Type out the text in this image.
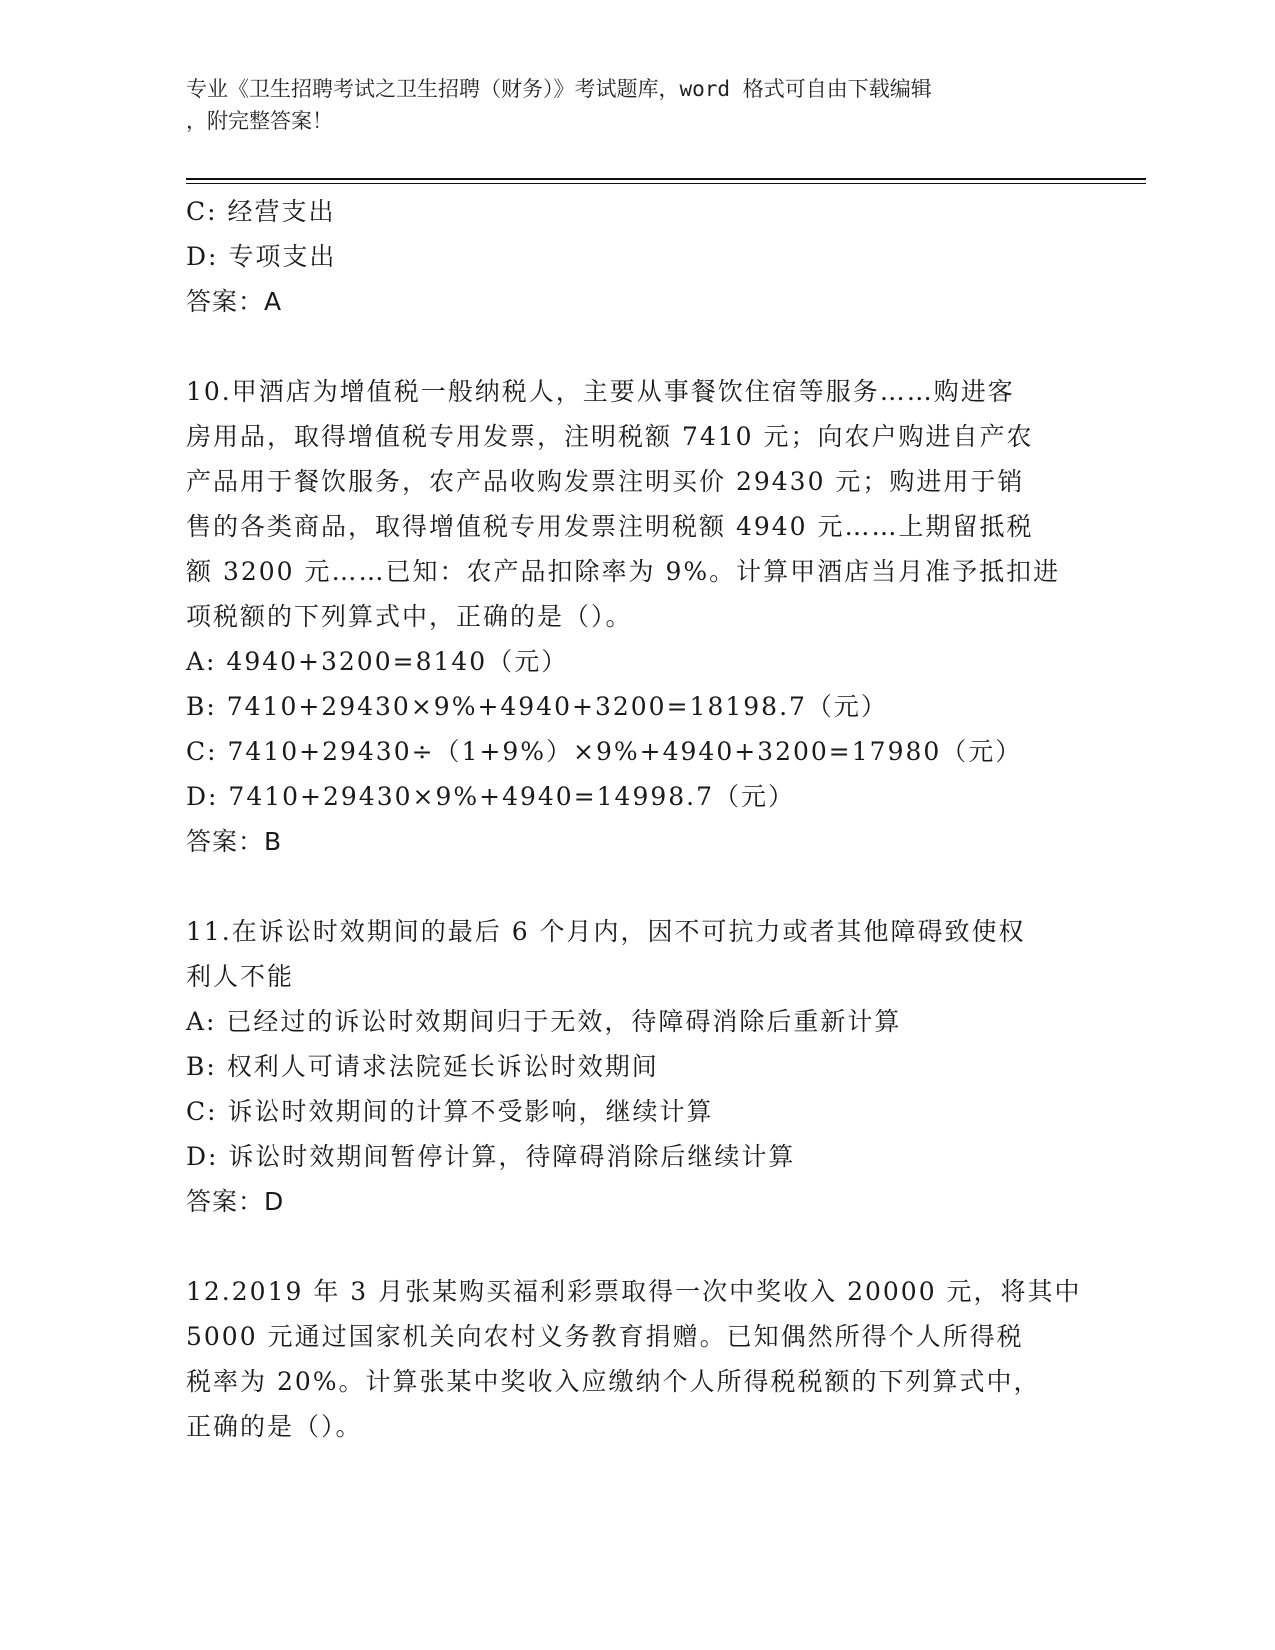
专业《卫生招聘考试之卫生招聘（财务）》考试题库，word 格式可自由下载编辑
，附完整答案！
C: 经营支出
D: 专项支出
答案：A
10.甲酒店为增值税一般纳税人，主要从事餐饮住宿等服务……购进客
房用品，取得增值税专用发票，注明税额 7410 元；向农户购进自产农
产品用于餐饮服务，农产品收购发票注明买价 29430 元；购进用于销
售的各类商品，取得增值税专用发票注明税额 4940 元……上期留抵税
额 3200 元……已知：农产品扣除率为 9%。计算甲酒店当月准予抵扣进
项税额的下列算式中，正确的是（）。
A: 4940+3200=8140（元）
B: 7410+29430×9%+4940+3200=18198.7（元）
C: 7410+29430÷（1+9%）×9%+4940+3200=17980（元）
D: 7410+29430×9%+4940=14998.7（元）
答案：B
11.在诉讼时效期间的最后 6 个月内，因不可抗力或者其他障碍致使权
利人不能
A: 已经过的诉讼时效期间归于无效，待障碍消除后重新计算
B: 权利人可请求法院延长诉讼时效期间
C: 诉讼时效期间的计算不受影响，继续计算
D: 诉讼时效期间暂停计算，待障碍消除后继续计算
答案：D
12.2019 年 3 月张某购买福利彩票取得一次中奖收入 20000 元，将其中
5000 元通过国家机关向农村义务教育捐赠。已知偶然所得个人所得税
税率为 20%。计算张某中奖收入应缴纳个人所得税税额的下列算式中，
正确的是（）。
